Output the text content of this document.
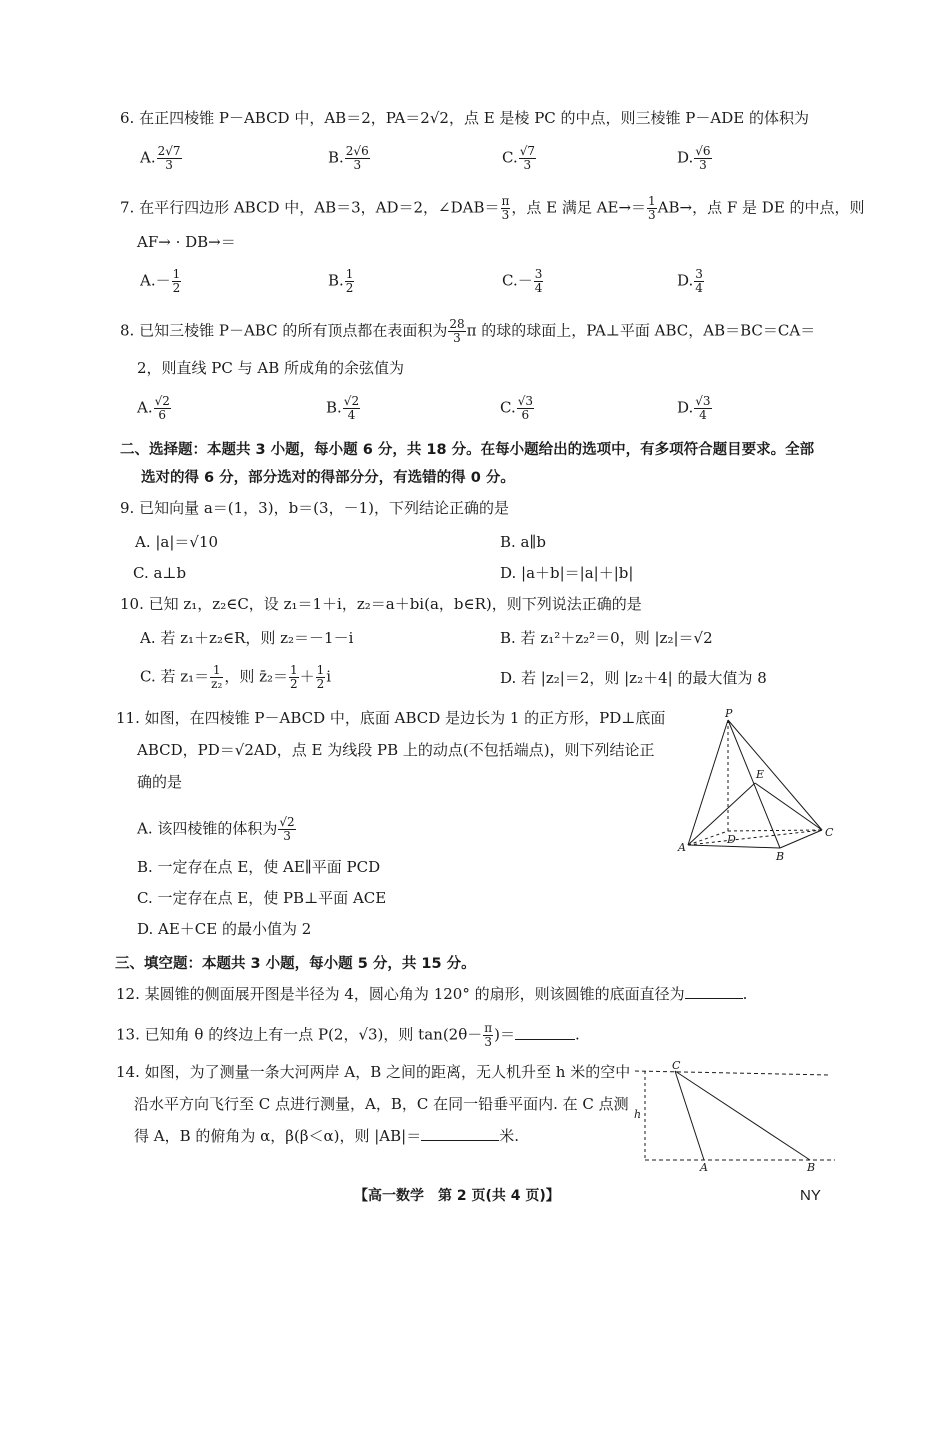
6. 在正四棱锥 P－ABCD 中，AB＝2，PA＝2√2，点 E 是棱 PC 的中点，则三棱锥 P－ADE 的体积为
A. $\frac{2√7}{3}$	B. $\frac{2√6}{3}$	C. $\frac{√7}{3}$	D. $\frac{√6}{3}$
7. 在平行四边形 ABCD 中，AB＝3，AD＝2，∠DAB＝ $\frac{\pi}{3}$ ，点 E 满足 $AE\to= \frac{1}{3} AB\to$，点 F 是 DE 的中点，则
AF→ · DB→＝
$A.- \frac{1}{2}$	B. $\frac{1}{2}$	$C.- \frac{3}{4}$	D. $\frac{3}{4}$
8. 已知三棱锥 P－ABC 的所有顶点都在表面积为 $\frac{28}{3}$ π 的球的球面上，PA⊥平面 ABC，AB＝BC＝CA＝
2，则直线 PC 与 AB 所成角的余弦值为
A. $\frac{√2}{6}$	B. $\frac{√2}{4}$	C. $\frac{√3}{6}$	D. $\frac{√3}{4}$
二、选择题：本题共 3 小题，每小题 6 分，共 18 分。在每小题给出的选项中，有多项符合题目要求。全部
选对的得 6 分，部分选对的得部分分，有选错的得 0 分。
9. 已知向量 a＝(1，3)，b＝(3，－1)，下列结论正确的是
A. |a|＝√10	B. a∥b
C. a⊥b	D. |a＋b|＝|a|＋|b|
10. 已知 z₁，z₂∈C，设 z₁＝1＋i，z₂＝a＋bi(a，b∈R)，则下列说法正确的是
A. 若 z₁＋z₂∈R，则 z₂＝－1－i	B. 若 z₁²＋z₂²＝0，则 |z₂|＝√2
C. 若 $z_1= \frac{1}{\text{z₂}}$ ，则 z̄₂＝ $\frac{1}{2} + \frac{1}{2}$ i	D. 若 |z₂|＝2，则 |z₂＋4| 的最大值为 8
11. 如图，在四棱锥 P－ABCD 中，底面 ABCD 是边长为 1 的正方形，PD⊥底面
ABCD，PD＝√2AD，点 E 为线段 PB 上的动点(不包括端点)，则下列结论正
确的是
A. 该四棱锥的体积为 $\frac{√2}{3}$
B. 一定存在点 E，使 AE∥平面 PCD
C. 一定存在点 E，使 PB⊥平面 ACE
D. AE＋CE 的最小值为 2
P
E
A
D
B
C
三、填空题：本题共 3 小题，每小题 5 分，共 15 分。
12. 某圆锥的侧面展开图是半径为 4，圆心角为 120° 的扇形，则该圆锥的底面直径为	.
13. 已知角 θ 的终边上有一点 P(2，√3)，则 $\tan(2\theta- \frac{\pi}{3}$ )＝	.
14. 如图，为了测量一条大河两岸 A，B 之间的距离，无人机升至 h 米的空中
沿水平方向飞行至 C 点进行测量，A，B，C 在同一铅垂平面内. 在 C 点测
得 A，B 的俯角为 α，β(β＜α)，则 |AB|＝	米.
C
h
A	B
【高一数学　第 2 页(共 4 页)】	NY
